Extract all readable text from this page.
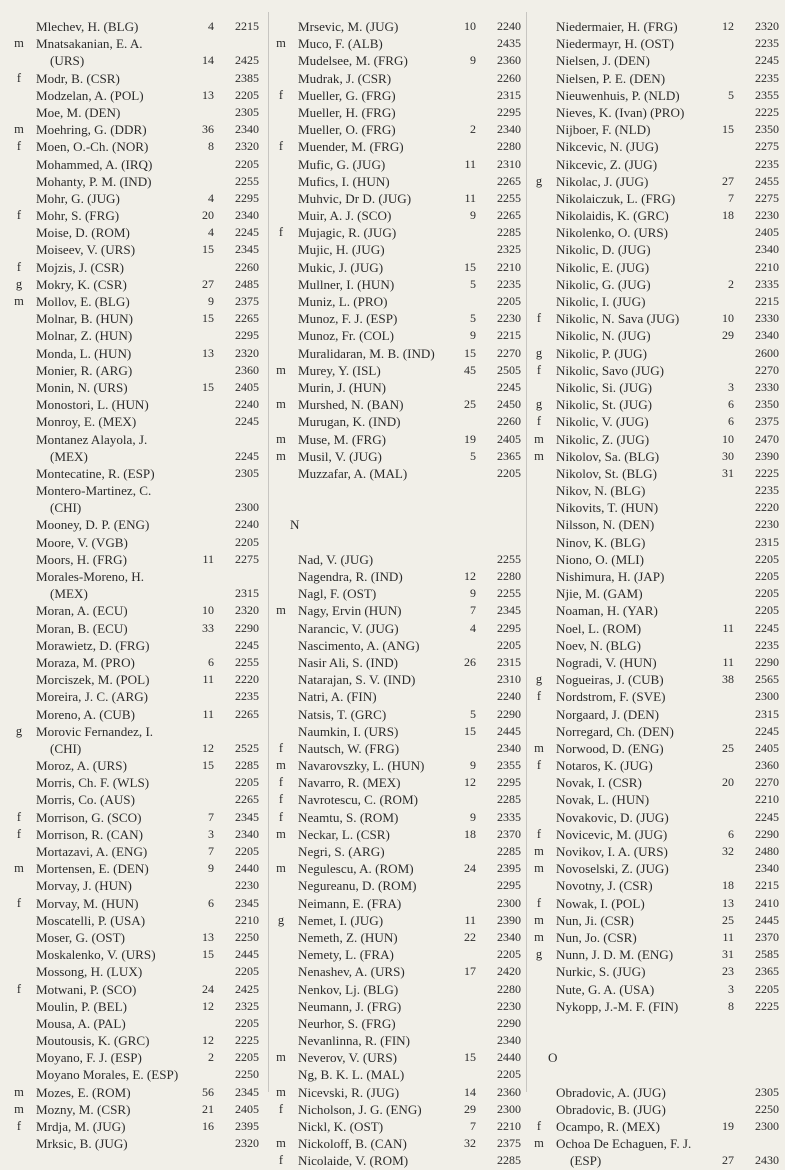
Mlechev, H. (BLG)	4	2215
m Mnatsakanian, E. A.
(URS)	14	2425
f	Modr, B. (CSR)	2385
Modzelan, A. (POL)	13	2205
Moe, M. (DEN)	2305
m Moehring, G. (DDR)	36	2340
f	Moen, O.-Ch. (NOR)	8	2320
Mohammed, A. (IRQ)	2205
Mohanty, P. M. (IND)	2255
Mohr, G. (JUG)	4	2295
f	Mohr, S. (FRG)	20	2340
Moise, D. (ROM)	4	2245
Moiseev, V. (URS)	15	2345
f	Mojzis, J. (CSR)	2260
g	Mokry, K. (CSR)	27	2485
m Mollov, E. (BLG)	9	2375
Molnar, B. (HUN)	15	2265
Molnar, Z. (HUN)	2295
Monda, L. (HUN)	13	2320
Monier, R. (ARG)	2360
Monin, N. (URS)	15	2405
Monostori, L. (HUN)	2240
Monroy, E. (MEX)	2245
Montanez Alayola, J.
(MEX)	2245
Montecatine, R. (ESP)	2305
Montero-Martinez, C.
(CHI)	2300
Mooney, D. P. (ENG)	2240
Moore, V. (VGB)	2205
Moors, H. (FRG)	11	2275
Morales-Moreno, H.
(MEX)	2315
Moran, A. (ECU)	10	2320
Moran, B. (ECU)	33	2290
Morawietz, D. (FRG)	2245
Moraza, M. (PRO)	6	2255
Morciszek, M. (POL)	11	2220
Moreira, J. C. (ARG)	2235
Moreno, A. (CUB)	11	2265
g	Morovic Fernandez, I.
(CHI)	12	2525
Moroz, A. (URS)	15	2285
Morris, Ch. F. (WLS)	2205
Morris, Co. (AUS)	2265
f	Morrison, G. (SCO)	7	2345
f	Morrison, R. (CAN)	3	2340
Mortazavi, A. (ENG)	7	2205
m Mortensen, E. (DEN)	9	2440
Morvay, J. (HUN)	2230
f	Morvay, M. (HUN)	6	2345
Moscatelli, P. (USA)	2210
Moser, G. (OST)	13	2250
Moskalenko, V. (URS)	15	2445
Mossong, H. (LUX)	2205
f	Motwani, P. (SCO)	24	2425
Moulin, P. (BEL)	12	2325
Mousa, A. (PAL)	2205
Moutousis, K. (GRC)	12	2225
Moyano, F. J. (ESP)	2	2205
Moyano Morales, E. (ESP)	2250
m Mozes, E. (ROM)	56	2345
m Mozny, M. (CSR)	21	2405
f	Mrdja, M. (JUG)	16	2395
Mrksic, B. (JUG)	2320
Mrsevic, M. (JUG)	10	2240
m Muco, F. (ALB)	2435
Mudelsee, M. (FRG)	9	2360
Mudrak, J. (CSR)	2260
f	Mueller, G. (FRG)	2315
Mueller, H. (FRG)	2295
Mueller, O. (FRG)	2	2340
f	Muender, M. (FRG)	2280
Mufic, G. (JUG)	11	2310
Mufics, I. (HUN)	2265
Muhvic, Dr D. (JUG)	11	2255
Muir, A. J. (SCO)	9	2265
f	Mujagic, R. (JUG)	2285
Mujic, H. (JUG)	2325
Mukic, J. (JUG)	15	2210
Mullner, I. (HUN)	5	2235
Muniz, L. (PRO)	2205
Munoz, F. J. (ESP)	5	2230
Munoz, Fr. (COL)	9	2215
Muralidaran, M. B. (IND)	15	2270
m Murey, Y. (ISL)	45	2505
Murin, J. (HUN)	2245
m Murshed, N. (BAN)	25	2450
Murugan, K. (IND)	2260
m Muse, M. (FRG)	19	2405
m Musil, V. (JUG)	5	2365
Muzzafar, A. (MAL)	2205
N
Nad, V. (JUG)	2255
Nagendra, R. (IND)	12	2280
Nagl, F. (OST)	9	2255
m Nagy, Ervin (HUN)	7	2345
Narancic, V. (JUG)	4	2295
Nascimento, A. (ANG)	2205
Nasir Ali, S. (IND)	26	2315
Natarajan, S. V. (IND)	2310
Natri, A. (FIN)	2240
Natsis, T. (GRC)	5	2290
Naumkin, I. (URS)	15	2445
f	Nautsch, W. (FRG)	2340
m Navarovszky, L. (HUN)	9	2355
f	Navarro, R. (MEX)	12	2295
f	Navrotescu, C. (ROM)	2285
f	Neamtu, S. (ROM)	9	2335
m Neckar, L. (CSR)	18	2370
Negri, S. (ARG)	2285
m Negulescu, A. (ROM)	24	2395
Negureanu, D. (ROM)	2295
Neimann, E. (FRA)	2300
g	Nemet, I. (JUG)	11	2390
Nemeth, Z. (HUN)	22	2340
Nemety, L. (FRA)	2205
Nenashev, A. (URS)	17	2420
Nenkov, Lj. (BLG)	2280
Neumann, J. (FRG)	2230
Neurhor, S. (FRG)	2290
Nevanlinna, R. (FIN)	2340
m Neverov, V. (URS)	15	2440
Ng, B. K. L. (MAL)	2205
m Nicevski, R. (JUG)	14	2360
f	Nicholson, J. G. (ENG)	29	2300
Nickl, K. (OST)	7	2210
m Nickoloff, B. (CAN)	32	2375
f	Nicolaide, V. (ROM)	2285
Niedermaier, H. (FRG)	12	2320
Niedermayr, H. (OST)	2235
Nielsen, J. (DEN)	2245
Nielsen, P. E. (DEN)	2235
Nieuwenhuis, P. (NLD)	5	2355
Nieves, K. (Ivan) (PRO)	2225
Nijboer, F. (NLD)	15	2350
Nikcevic, N. (JUG)	2275
Nikcevic, Z. (JUG)	2235
g	Nikolac, J. (JUG)	27	2455
Nikolaiczuk, L. (FRG)	7	2275
Nikolaidis, K. (GRC)	18	2230
Nikolenko, O. (URS)	2405
Nikolic, D. (JUG)	2340
Nikolic, E. (JUG)	2210
Nikolic, G. (JUG)	2	2335
Nikolic, I. (JUG)	2215
f	Nikolic, N. Sava (JUG)	10	2330
Nikolic, N. (JUG)	29	2340
g	Nikolic, P. (JUG)	2600
f	Nikolic, Savo (JUG)	2270
Nikolic, Si. (JUG)	3	2330
g	Nikolic, St. (JUG)	6	2350
f	Nikolic, V. (JUG)	6	2375
m Nikolic, Z. (JUG)	10	2470
m Nikolov, Sa. (BLG)	30	2390
Nikolov, St. (BLG)	31	2225
Nikov, N. (BLG)	2235
Nikovits, T. (HUN)	2220
Nilsson, N. (DEN)	2230
Ninov, K. (BLG)	2315
Niono, O. (MLI)	2205
Nishimura, H. (JAP)	2205
Njie, M. (GAM)	2205
Noaman, H. (YAR)	2205
Noel, L. (ROM)	11	2245
Noev, N. (BLG)	2235
Nogradi, V. (HUN)	11	2290
g	Nogueiras, J. (CUB)	38	2565
f	Nordstrom, F. (SVE)	2300
Norgaard, J. (DEN)	2315
Norregard, Ch. (DEN)	2245
m Norwood, D. (ENG)	25	2405
f	Notaros, K. (JUG)	2360
Novak, I. (CSR)	20	2270
Novak, L. (HUN)	2210
Novakovic, D. (JUG)	2245
f	Novicevic, M. (JUG)	6	2290
m Novikov, I. A. (URS)	32	2480
m Novoselski, Z. (JUG)	2340
Novotny, J. (CSR)	18	2215
f	Nowak, I. (POL)	13	2410
m Nun, Ji. (CSR)	25	2445
m Nun, Jo. (CSR)	11	2370
g	Nunn, J. D. M. (ENG)	31	2585
Nurkic, S. (JUG)	23	2365
Nute, G. A. (USA)	3	2205
Nykopp, J.-M. F. (FIN)	8	2225
O
Obradovic, A. (JUG)	2305
Obradovic, B. (JUG)	2250
f	Ocampo, R. (MEX)	19	2300
m Ochoa De Echaguen, F. J.
(ESP)	27	2430
